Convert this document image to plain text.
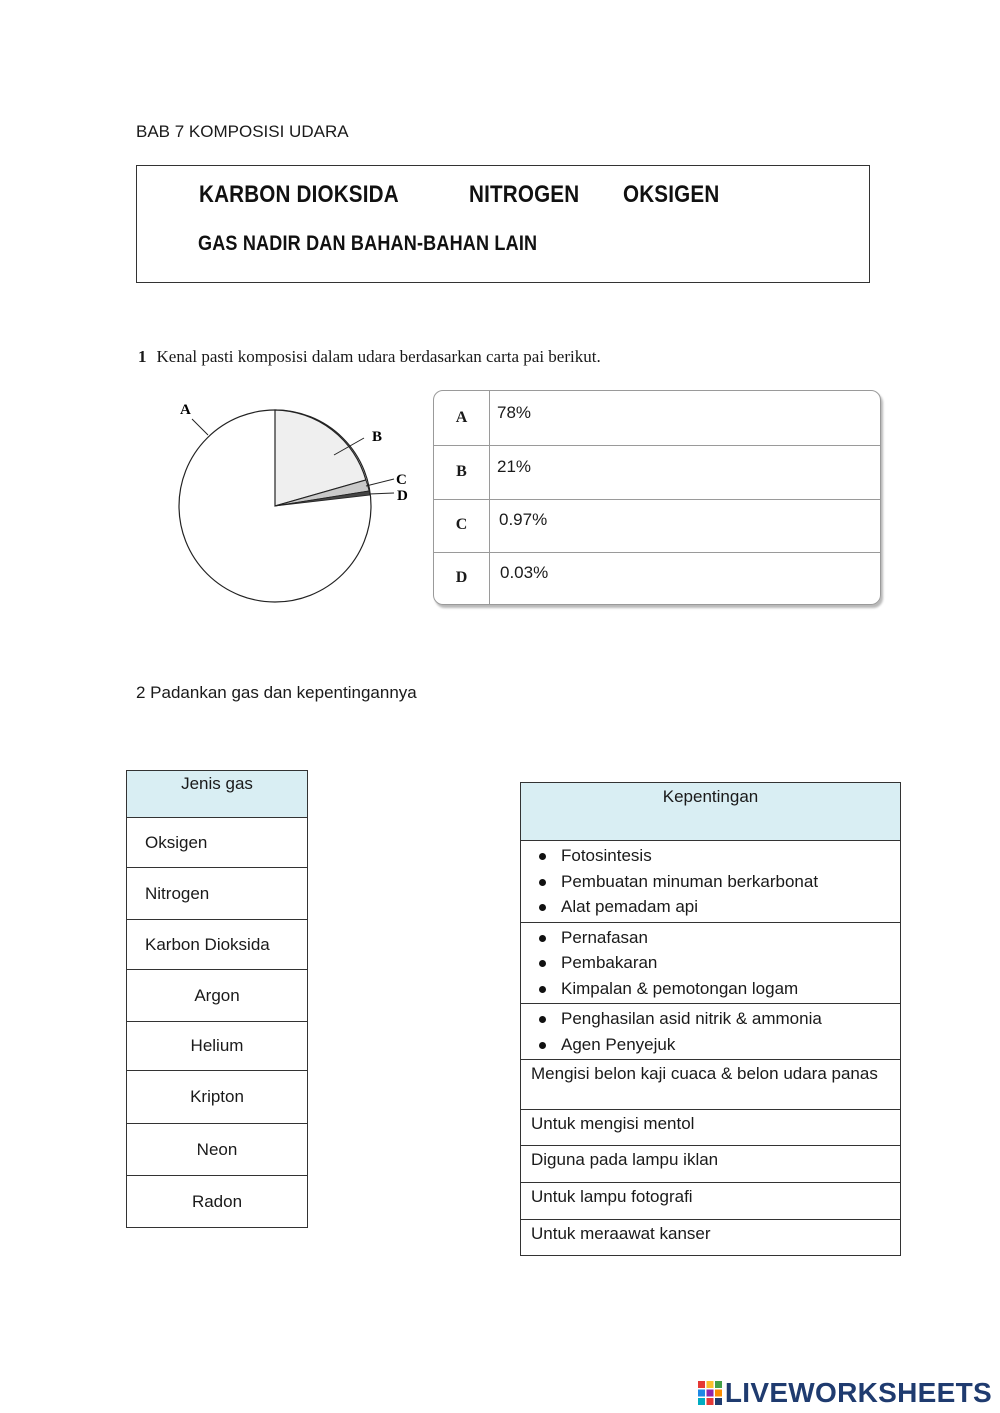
BAB 7 KOMPOSISI UDARA
KARBON DIOKSIDA	NITROGEN OKSIGEN
GAS NADIR DAN BAHAN-BAHAN LAIN
1 Kenal pasti komposisi dalam udara berdasarkan carta pai berikut.
A
B
C
D
A	78%
B	21%
C	0.97%
D	0.03%
2 Padankan gas dan kepentingannya
Jenis gas
Oksigen
Nitrogen
Karbon Dioksida
Argon
Helium
Kripton
Neon
Radon
Kepentingan

Fotosintesis
Pembuatan minuman berkarbonat
Alat pemadam api

Pernafasan
Pembakaran
Kimpalan & pemotongan logam

Penghasilan asid nitrik & ammonia
Agen Penyejuk

Mengisi belon kaji cuaca & belon udara panas
Untuk mengisi mentol
Diguna pada lampu iklan
Untuk lampu fotografi
Untuk meraawat kanser
LIVEWORKSHEETS
